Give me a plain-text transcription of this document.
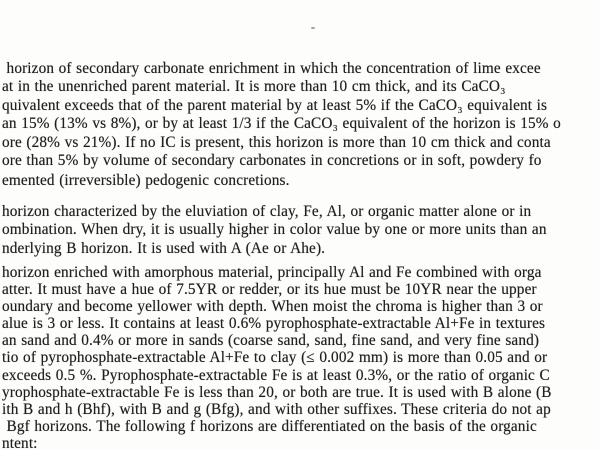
horizon of secondary carbonate enrichment in which the concentration of lime excee
at in the unenriched parent material. It is more than 10 cm thick, and its CaCO₃
quivalent exceeds that of the parent material by at least 5% if the CaCO₃ equivalent is
an 15% (13% vs 8%), or by at least 1/3 if the CaCO₃ equivalent of the horizon is 15% o
ore (28% vs 21%). If no IC is present, this horizon is more than 10 cm thick and conta
ore than 5% by volume of secondary carbonates in concretions or in soft, powdery fo
emented (irreversible) pedogenic concretions.
horizon characterized by the eluviation of clay, Fe, Al, or organic matter alone or in
ombination. When dry, it is usually higher in color value by one or more units than an
nderlying B horizon. It is used with A (Ae or Ahe).
horizon enriched with amorphous material, principally Al and Fe combined with orga
atter. It must have a hue of 7.5YR or redder, or its hue must be 10YR near the upper
oundary and become yellower with depth. When moist the chroma is higher than 3 or
alue is 3 or less. It contains at least 0.6% pyrophosphate-extractable Al+Fe in textures
an sand and 0.4% or more in sands (coarse sand, sand, fine sand, and very fine sand)
tio of pyrophosphate-extractable Al+Fe to clay (≤ 0.002 mm) is more than 0.05 and or
exceeds 0.5 %. Pyrophosphate-extractable Fe is at least 0.3%, or the ratio of organic C
yrophosphate-extractable Fe is less than 20, or both are true. It is used with B alone (B
ith B and h (Bhf), with B and g (Bfg), and with other suffixes. These criteria do not ap
Bgf horizons. The following f horizons are differentiated on the basis of the organic
ntent:
